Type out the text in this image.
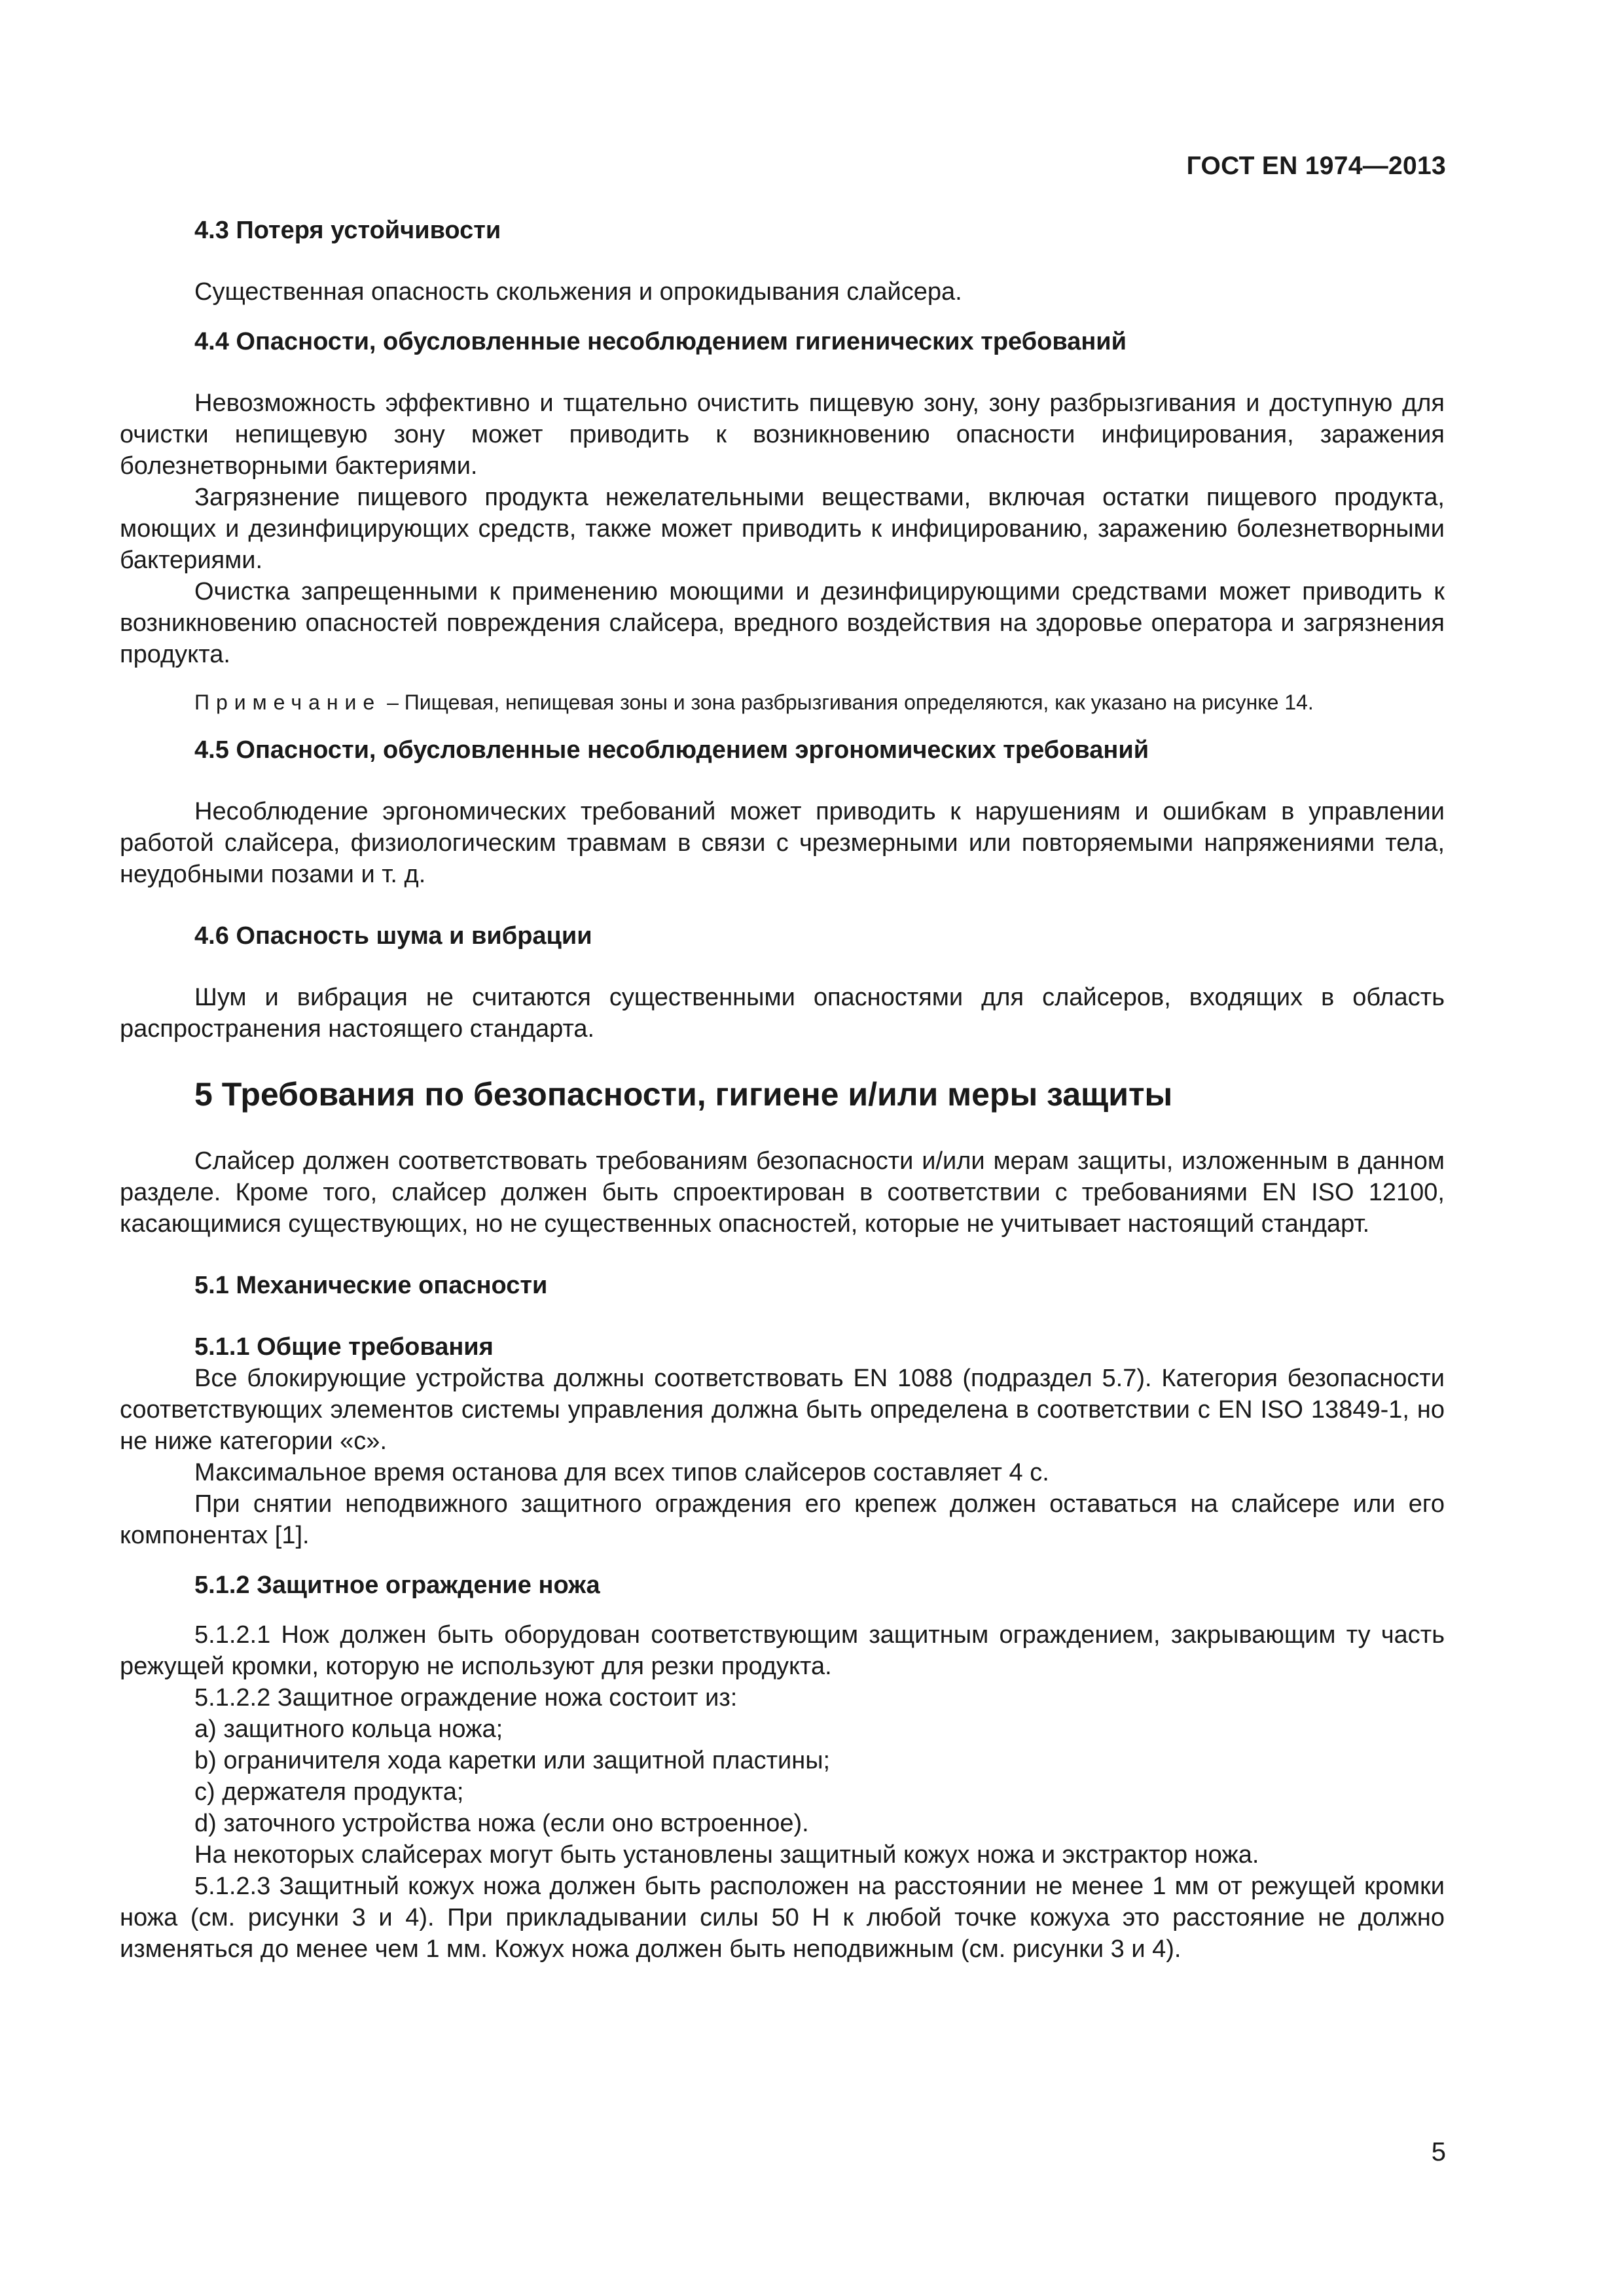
ГОСТ EN 1974—2013
4.3 Потеря устойчивости

Существенная опасность скольжения и опрокидывания слайсера.

4.4 Опасности, обусловленные несоблюдением гигиенических требований

Невозможность эффективно и тщательно очистить пищевую зону, зону разбрызгивания и доступную для очистки непищевую зону может приводить к возникновению опасности инфицирования, заражения болезнетворными бактериями.

Загрязнение пищевого продукта нежелательными веществами, включая остатки пищевого продукта, моющих и дезинфицирующих средств, также может приводить к инфицированию, заражению болезнетворными бактериями.

Очистка запрещенными к применению моющими и дезинфицирующими средствами может приводить к возникновению опасностей повреждения слайсера, вредного воздействия на здоровье оператора и загрязнения продукта.

Примечание – Пищевая, непищевая зоны и зона разбрызгивания определяются, как указано на рисунке 14.

4.5 Опасности, обусловленные несоблюдением эргономических требований

Несоблюдение эргономических требований может приводить к нарушениям и ошибкам в управлении работой слайсера, физиологическим травмам в связи с чрезмерными или повторяемыми напряжениями тела, неудобными позами и т. д.

4.6 Опасность шума и вибрации

Шум и вибрация не считаются существенными опасностями для слайсеров, входящих в область распространения настоящего стандарта.

5 Требования по безопасности, гигиене и/или меры защиты

Слайсер должен соответствовать требованиям безопасности и/или мерам защиты, изложенным в данном разделе. Кроме того, слайсер должен быть спроектирован в соответствии с требованиями EN ISO 12100, касающимися существующих, но не существенных опасностей, которые не учитывает настоящий стандарт.

5.1 Механические опасности
5.1.1 Общие требования

Все блокирующие устройства должны соответствовать EN 1088 (подраздел 5.7). Категория безопасности соответствующих элементов системы управления должна быть определена в соответствии с EN ISO 13849-1, но не ниже категории «с».

Максимальное время останова для всех типов слайсеров составляет 4 с.

При снятии неподвижного защитного ограждения его крепеж должен оставаться на слайсере или его компонентах [1].

5.1.2 Защитное ограждение ножа

5.1.2.1 Нож должен быть оборудован соответствующим защитным ограждением, закрывающим ту часть режущей кромки, которую не используют для резки продукта.

5.1.2.2 Защитное ограждение ножа состоит из:

a) защитного кольца ножа;

b) ограничителя хода каретки или защитной пластины;

c) держателя продукта;

d) заточного устройства ножа (если оно встроенное).

На некоторых слайсерах могут быть установлены защитный кожух ножа и экстрактор ножа.

5.1.2.3 Защитный кожух ножа должен быть расположен на расстоянии не менее 1 мм от режущей кромки ножа (см. рисунки 3 и 4). При прикладывании силы 50 Н к любой точке кожуха это расстояние не должно изменяться до менее чем 1 мм. Кожух ножа должен быть неподвижным (см. рисунки 3 и 4).

5
